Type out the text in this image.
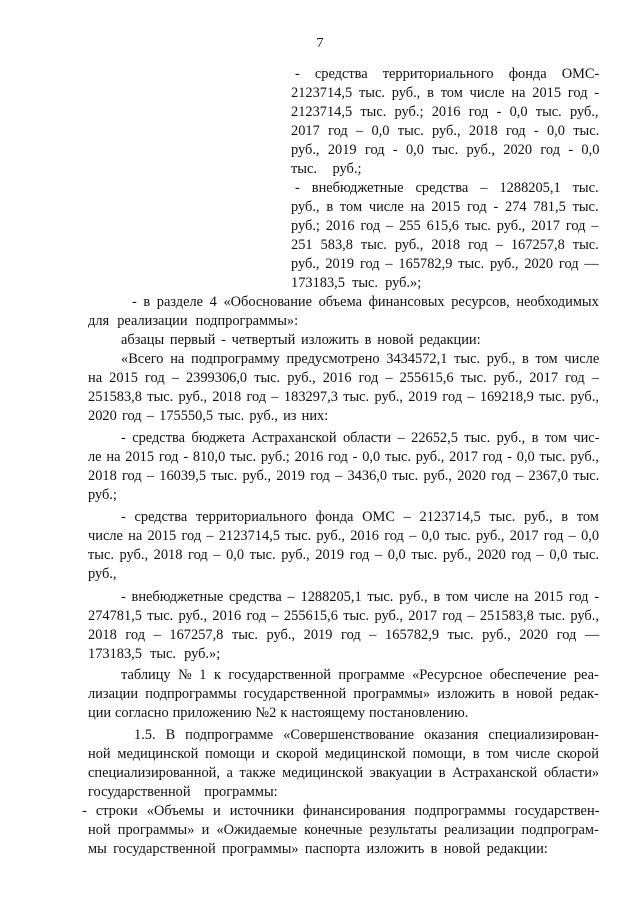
7
- средства территориального фонда ОМС-
2123714,5 тыс. руб., в том числе на 2015 год -
2123714,5 тыс. руб.; 2016 год - 0,0 тыс. руб.,
2017 год – 0,0 тыс. руб., 2018 год - 0,0 тыс.
руб., 2019 год - 0,0 тыс. руб., 2020 год - 0,0
тыс. руб.;
- внебюджетные средства – 1288205,1 тыс.
руб., в том числе на 2015 год - 274 781,5 тыс.
руб.; 2016 год – 255 615,6 тыс. руб., 2017 год –
251 583,8 тыс. руб., 2018 год – 167257,8 тыс.
руб., 2019 год – 165782,9 тыс. руб., 2020 год —
173183,5 тыс. руб.»;
- в разделе 4 «Обоснование объема финансовых ресурсов, необходимых
для реализации подпрограммы»:
абзацы первый - четвертый изложить в новой редакции:
«Всего на подпрограмму предусмотрено 3434572,1 тыс. руб., в том числе
на 2015 год – 2399306,0 тыс. руб., 2016 год – 255615,6 тыс. руб., 2017 год –
251583,8 тыс. руб., 2018 год – 183297,3 тыс. руб., 2019 год – 169218,9 тыс. руб.,
2020 год – 175550,5 тыс. руб., из них:
- средства бюджета Астраханской области – 22652,5 тыс. руб., в том чис-
ле на 2015 год - 810,0 тыс. руб.; 2016 год - 0,0 тыс. руб., 2017 год - 0,0 тыс. руб.,
2018 год – 16039,5 тыс. руб., 2019 год – 3436,0 тыс. руб., 2020 год – 2367,0 тыс.
руб.;
- средства территориального фонда ОМС – 2123714,5 тыс. руб., в том
числе на 2015 год – 2123714,5 тыс. руб., 2016 год – 0,0 тыс. руб., 2017 год – 0,0
тыс. руб., 2018 год – 0,0 тыс. руб., 2019 год – 0,0 тыс. руб., 2020 год – 0,0 тыс.
руб.,
- внебюджетные средства – 1288205,1 тыс. руб., в том числе на 2015 год -
274781,5 тыс. руб., 2016 год – 255615,6 тыс. руб., 2017 год – 251583,8 тыс. руб.,
2018 год – 167257,8 тыс. руб., 2019 год – 165782,9 тыс. руб., 2020 год —
173183,5 тыс. руб.»;
таблицу № 1 к государственной программе «Ресурсное обеспечение реа-
лизации подпрограммы государственной программы» изложить в новой редак-
ции согласно приложению №2 к настоящему постановлению.
1.5. В подпрограмме «Совершенствование оказания специализирован-
ной медицинской помощи и скорой медицинской помощи, в том числе скорой
специализированной, а также медицинской эвакуации в Астраханской области»
государственной программы:
- строки «Объемы и источники финансирования подпрограммы государствен-
ной программы» и «Ожидаемые конечные результаты реализации подпрограм-
мы государственной программы» паспорта изложить в новой редакции:
